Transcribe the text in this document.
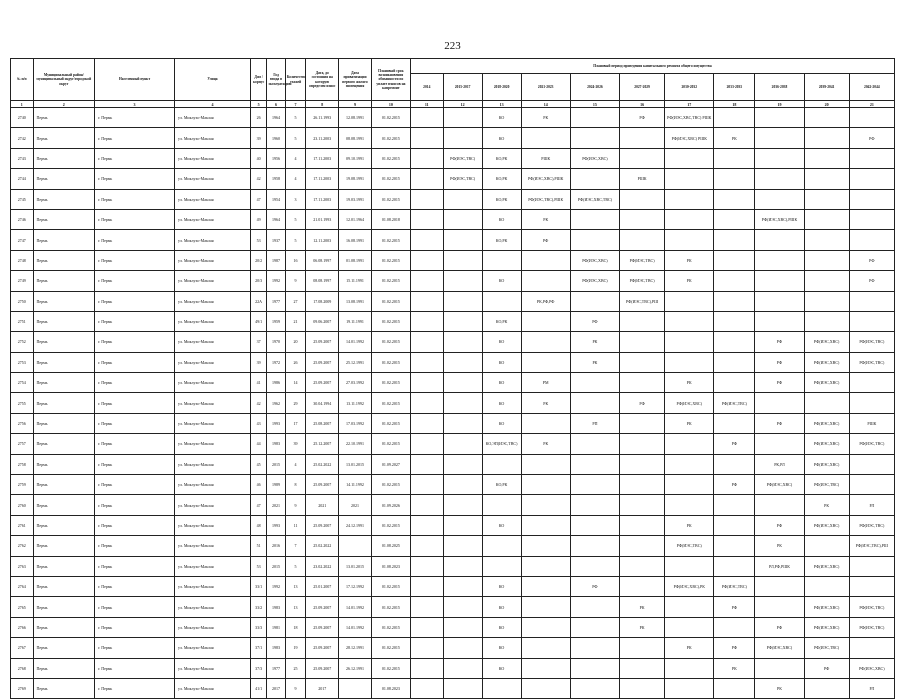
223
№ п/п	Муниципальный район/ муниципальный округ/городской округ	Населенный пункт	Улица	Дом / корпус	Год ввода в эксплуатацию	Количество этажей	Дата, до состояния на которую определен износ	Дата приватизации первого жилого помещения	Плановый срок возникновения обязанности по уплате взносов на капремонт	Плановый период проведения капитального ремонта общего имущества										
										2014	2015-2017	2018-2020	2021-2023	2024-2026	2027-2029	2030-2032	2033-2035	2036-2038	2039-2041	2042-2044
1	2	3	4	5	6	7	8	9	10	11	12	13	14	15	16	17	18	19	20	21
2740	Пермь	г. Пермь	ул. Миклухо-Маклая	26	1964	5	26.11.1993	12.08.1991	01.02.2015			КО	РК		РФ	РФ(ИЭС,ХВС,ТВС) РШК				
2742	Пермь	г. Пермь	ул. Миклухо-Маклая	39	1960	5	23.11.2003	08.08.1991	01.02.2015			КО				РФ(ИЭС,ХВС) РШК	РК			РФ
2743	Пермь	г. Пермь	ул. Миклухо-Маклая	40	1956	4	17.11.2003	09.10.1991	01.02.2015		РФ(ИЭС,ТВС)	КО,РК	РШК	РФ(ИЭС,ХВС)						
2744	Пермь	г. Пермь	ул. Миклухо-Маклая	42	1958	4	17.11.2003	19.08.1991	01.02.2015		РФ(ИЭС,ТВС)	КО,РК	РФ(ИЭС,ХВС),РШК		РШК					
2745	Пермь	г. Пермь	ул. Миклухо-Маклая	47	1954	3	17.11.2003	19.03.1991	01.02.2015			КО,РК	РФ(ИЭС,ТВС),РШК	РФ(ИЭС,ХВС,ТВС)						
2746	Пермь	г. Пермь	ул. Миклухо-Маклая	49	1964	5	21.01.1993	12.01.1964	01.08.2018			КО	РК					РФ(ИЭС,ХВС),РШК		
2747	Пермь	г. Пермь	ул. Миклухо-Маклая	53	1937	5	12.11.2003	16.08.1991	01.02.2015			КО,РК	РФ							
2748	Пермь	г. Пермь	ул. Миклухо-Маклая	20/2	1987	16	06.08.1997	01.08.1991	01.02.2015					РФ(ИЭС,ХВС)	РФ(ИЭС,ТВС)	РК				РФ
2749	Пермь	г. Пермь	ул. Миклухо-Маклая	20/3	1992	9	08.08.1997	15.11.1991	01.02.2015			КО		РФ(ИЭС,ХВС)	РФ(ИЭС,ТВС)	РК				РФ
2750	Пермь	г. Пермь	ул. Миклухо-Маклая	22А	1977	27	17.08.2009	13.08.1991	01.02.2015				РК,РФ,РФ		РФ(ИЭС,ТВС),РШ					
2751	Пермь	г. Пермь	ул. Миклухо-Маклая	49/1	1959	21	09.06.2007	19.11.1991	01.02.2015			КО,РК		РФ						
2752	Пермь	г. Пермь	ул. Миклухо-Маклая	37	1970	20	25.09.2007	14.01.1992	01.02.2015			КО		РК				РФ	РФ(ИЭС,ХВС)	РФ(ИЭС,ТВС)
2753	Пермь	г. Пермь	ул. Миклухо-Маклая	39	1972	26	25.09.2007	25.12.1991	01.02.2015			КО		РК				РФ	РФ(ИЭС,ХВС)	РФ(ИЭС,ТВС)
2754	Пермь	г. Пермь	ул. Миклухо-Маклая	41	1986	14	25.09.2007	27.03.1992	01.02.2015			КО	РМ			РК		РФ	РФ(ИЭС,ХВС)	
2755	Пермь	г. Пермь	ул. Миклухо-Маклая	42	1962	29	30.04.1994	13.11.1992	01.02.2015			КО	РК		РФ	РФ(ИЭС,ХВС)	РФ(ИЭС,ТВС)			
2756	Пермь	г. Пермь	ул. Миклухо-Маклая	43	1993	17	25.08.2007	17.03.1992	01.02.2015			КО		РП		РК		РФ	РФ(ИЭС,ХВС)	РШК
2757	Пермь	г. Пермь	ул. Миклухо-Маклая	44	1983	39	25.12.2007	22.10.1991	01.02.2015			КО,ЭП(ИЭС,ТВС)	РК				РФ		РФ(ИЭС,ХВС)	РФ(ИЭС,ТВС)
2758	Пермь	г. Пермь	ул. Миклухо-Маклая	45	2015	4	25.02.2022	13.01.2015	01.09.2027									РК,РЛ	РФ(ИЭС,ХВС)	
2759	Пермь	г. Пермь	ул. Миклухо-Маклая	46	1989	8	25.09.2007	14.11.1992	01.02.2015			КО,РК					РФ	РФ(ИЭС,ХВС)	РФ(ИЭС,ТВС)	
2760	Пермь	г. Пермь	ул. Миклухо-Маклая	47	2021	9	2021	2021	01.09.2026										РК	РЛ
2761	Пермь	г. Пермь	ул. Миклухо-Маклая	48	1993	11	25.09.2007	24.12.1991	01.02.2015			КО				РК		РФ	РФ(ИЭС,ХВС)	РФ(ИЭС,ТВС)
2762	Пермь	г. Пермь	ул. Миклухо-Маклая	51	2016	7	25.02.2022		01.08.2025							РФ(ИЭС,ТВС)		РК		РФ(ИЭС,ТВС),РШ
2763	Пермь	г. Пермь	ул. Миклухо-Маклая	53	2015	5	23.02.2022	13.01.2015	01.08.2023									РЛ,РФ,РШК	РФ(ИЭС,ХВС)	
2764	Пермь	г. Пермь	ул. Миклухо-Маклая	33/1	1992	13	25.01.2007	17.12.1992	01.02.2015			КО		РФ		РФ(ИЭС,ХВС),РК	РФ(ИЭС,ТВС)			
2765	Пермь	г. Пермь	ул. Миклухо-Маклая	33/2	1983	13	25.09.2007	14.01.1992	01.02.2015			КО			РК		РФ		РФ(ИЭС,ХВС)	РФ(ИЭС,ТВС)
2766	Пермь	г. Пермь	ул. Миклухо-Маклая	33/3	1981	18	25.09.2007	14.01.1992	01.02.2015			КО			РК			РФ	РФ(ИЭС,ХВС)	РФ(ИЭС,ТВС)
2767	Пермь	г. Пермь	ул. Миклухо-Маклая	37/1	1983	19	25.09.2007	28.12.1991	01.02.2015			КО				РК	РФ	РФ(ИЭС,ХВС)	РФ(ИЭС,ТВС)	
2768	Пермь	г. Пермь	ул. Миклухо-Маклая	37/3	1977	25	25.09.2007	26.12.1991	01.02.2015			КО					РК		РФ	РФ(ИЭС,ХВС)
2769	Пермь	г. Пермь	ул. Миклухо-Маклая	41/1	2017	9	2017		01.08.2023									РК		РЛ
